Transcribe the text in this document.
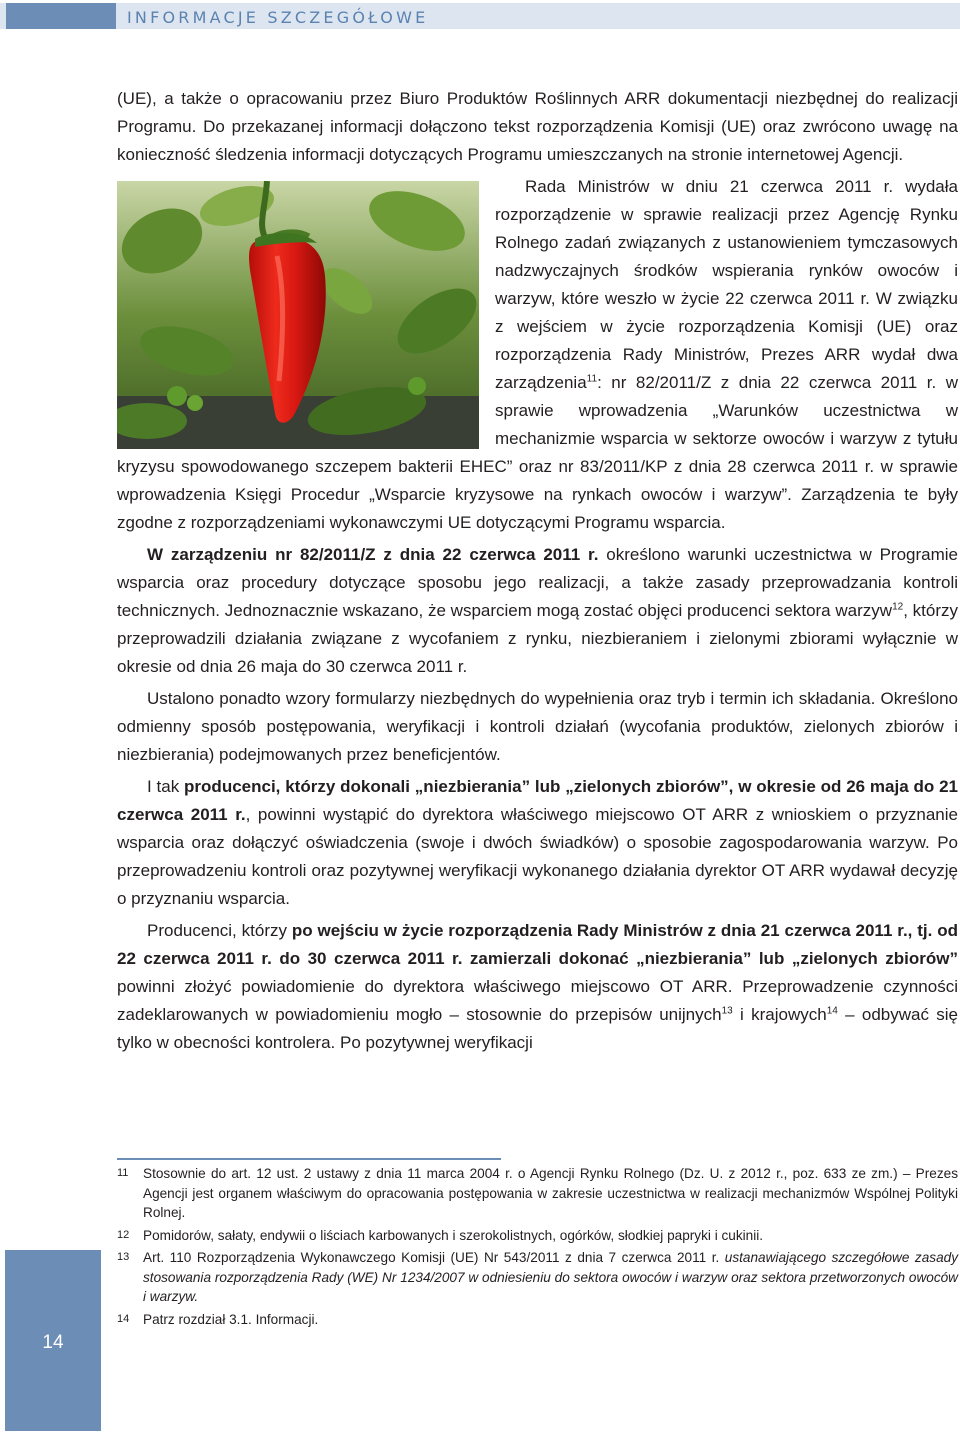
INFORMACJE SZCZEGÓŁOWE

(UE), a także o opracowaniu przez Biuro Produktów Roślinnych ARR dokumentacji niezbędnej do realizacji Programu. Do przekazanej informacji dołączono tekst rozporządzenia Komisji (UE) oraz zwrócono uwagę na konieczność śledzenia informacji dotyczących Programu umieszczanych na stronie internetowej Agencji.

Rada Ministrów w dniu 21 czerwca 2011 r. wydała rozporządzenie w sprawie realizacji przez Agencję Rynku Rolnego zadań związanych z ustanowieniem tymczasowych nadzwyczajnych środków wspierania rynków owoców i warzyw, które weszło w życie 22 czerwca 2011 r. W związku z wejściem w życie rozporządzenia Komisji (UE) oraz rozporządzenia Rady Ministrów, Prezes ARR wydał dwa zarządzenia$^{11}$: nr 82/2011/Z z dnia 22 czerwca 2011 r. w sprawie wprowadzenia „Warunków uczestnictwa w mechanizmie wsparcia w sektorze owoców i warzyw z tytułu kryzysu spowodowanego szczepem bakterii EHEC” oraz nr 83/2011/KP z dnia 28 czerwca 2011 r. w sprawie wprowadzenia Księgi Procedur „Wsparcie kryzysowe na rynkach owoców i warzyw”. Zarządzenia te były zgodne z rozporządzeniami wykonawczymi UE dotyczącymi Programu wsparcia.

W zarządzeniu nr 82/2011/Z z dnia 22 czerwca 2011 r. określono warunki uczestnictwa w Programie wsparcia oraz procedury dotyczące sposobu jego realizacji, a także zasady przeprowadzania kontroli technicznych. Jednoznacznie wskazano, że wsparciem mogą zostać objęci producenci sektora warzyw$^{12}$, którzy przeprowadzili działania związane z wycofaniem z rynku, niezbieraniem i zielonymi zbiorami wyłącznie w okresie od dnia 26 maja do 30 czerwca 2011 r.

Ustalono ponadto wzory formularzy niezbędnych do wypełnienia oraz tryb i termin ich składania. Określono odmienny sposób postępowania, weryfikacji i kontroli działań (wycofania produktów, zielonych zbiorów i niezbierania) podejmowanych przez beneficjentów.

I tak producenci, którzy dokonali „niezbierania” lub „zielonych zbiorów”, w okresie od 26 maja do 21 czerwca 2011 r., powinni wystąpić do dyrektora właściwego miejscowo OT ARR z wnioskiem o przyznanie wsparcia oraz dołączyć oświadczenia (swoje i dwóch świadków) o sposobie zagospodarowania warzyw. Po przeprowadzeniu kontroli oraz pozytywnej weryfikacji wykonanego działania dyrektor OT ARR wydawał decyzję o przyznaniu wsparcia.

Producenci, którzy po wejściu w życie rozporządzenia Rady Ministrów z dnia 21 czerwca 2011 r., tj. od 22 czerwca 2011 r. do 30 czerwca 2011 r. zamierzali dokonać „niezbierania” lub „zielonych zbiorów” powinni złożyć powiadomienie do dyrektora właściwego miejscowo OT ARR. Przeprowadzenie czynności zadeklarowanych w powiadomieniu mogło – stosownie do przepisów unijnych$^{13}$ i krajowych$^{14}$ – odbywać się tylko w obecności kontrolera. Po pozytywnej weryfikacji

11	Stosownie do art. 12 ust. 2 ustawy z dnia 11 marca 2004 r. o Agencji Rynku Rolnego (Dz. U. z 2012 r., poz. 633 ze zm.) – Prezes Agencji jest organem właściwym do opracowania postępowania w zakresie uczestnictwa w realizacji mechanizmów Wspólnej Polityki Rolnej.
12	Pomidorów, sałaty, endywii o liściach karbowanych i szerokolistnych, ogórków, słodkiej papryki i cukinii.
13	Art. 110 Rozporządzenia Wykonawczego Komisji (UE) Nr 543/2011 z dnia 7 czerwca 2011 r. ustanawiającego szczegółowe zasady stosowania rozporządzenia Rady (WE) Nr 1234/2007 w odniesieniu do sektora owoców i warzyw oraz sektora przetworzonych owoców i warzyw.
14	Patrz rozdział 3.1. Informacji.
14
